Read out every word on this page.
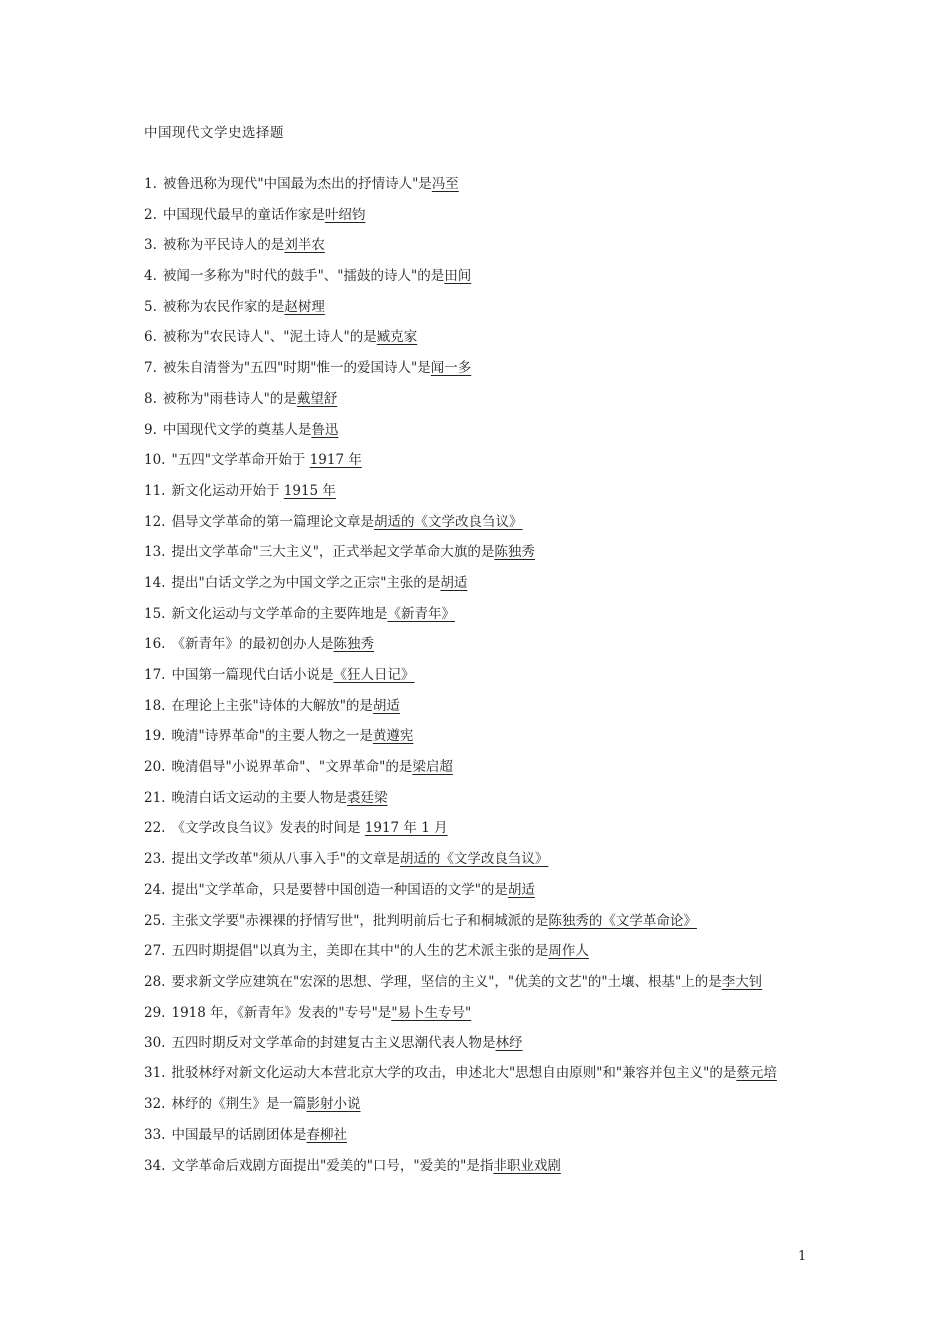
中国现代文学史选择题
1. 被鲁迅称为现代"中国最为杰出的抒情诗人"是冯至
2. 中国现代最早的童话作家是叶绍钧
3. 被称为平民诗人的是刘半农
4. 被闻一多称为"时代的鼓手"、"擂鼓的诗人"的是田间
5. 被称为农民作家的是赵树理
6. 被称为"农民诗人"、"泥土诗人"的是臧克家
7. 被朱自清誉为"五四"时期"惟一的爱国诗人"是闻一多
8. 被称为"雨巷诗人"的是戴望舒
9. 中国现代文学的奠基人是鲁迅
10. "五四"文学革命开始于 1917 年
11. 新文化运动开始于 1915 年
12. 倡导文学革命的第一篇理论文章是胡适的《文学改良刍议》
13. 提出文学革命"三大主义"，正式举起文学革命大旗的是陈独秀
14. 提出"白话文学之为中国文学之正宗"主张的是胡适
15. 新文化运动与文学革命的主要阵地是《新青年》
16. 《新青年》的最初创办人是陈独秀
17. 中国第一篇现代白话小说是《狂人日记》
18. 在理论上主张"诗体的大解放"的是胡适
19. 晚清"诗界革命"的主要人物之一是黄遵宪
20. 晚清倡导"小说界革命"、"文界革命"的是梁启超
21. 晚清白话文运动的主要人物是裘廷梁
22. 《文学改良刍议》发表的时间是 1917 年 1 月
23. 提出文学改革"须从八事入手"的文章是胡适的《文学改良刍议》
24. 提出"文学革命，只是要替中国创造一种国语的文学"的是胡适
25. 主张文学要"赤裸裸的抒情写世"，批判明前后七子和桐城派的是陈独秀的《文学革命论》
27. 五四时期提倡"以真为主，美即在其中"的人生的艺术派主张的是周作人
28. 要求新文学应建筑在"宏深的思想、学理，坚信的主义"，"优美的文艺"的"土壤、根基"上的是李大钊
29. 1918 年，《新青年》发表的"专号"是"易卜生专号"
30. 五四时期反对文学革命的封建复古主义思潮代表人物是林纾
31. 批驳林纾对新文化运动大本营北京大学的攻击，申述北大"思想自由原则"和"兼容并包主义"的是蔡元培
32. 林纾的《荆生》是一篇影射小说
33. 中国最早的话剧团体是春柳社
34. 文学革命后戏剧方面提出"爱美的"口号，"爱美的"是指非职业戏剧
1
